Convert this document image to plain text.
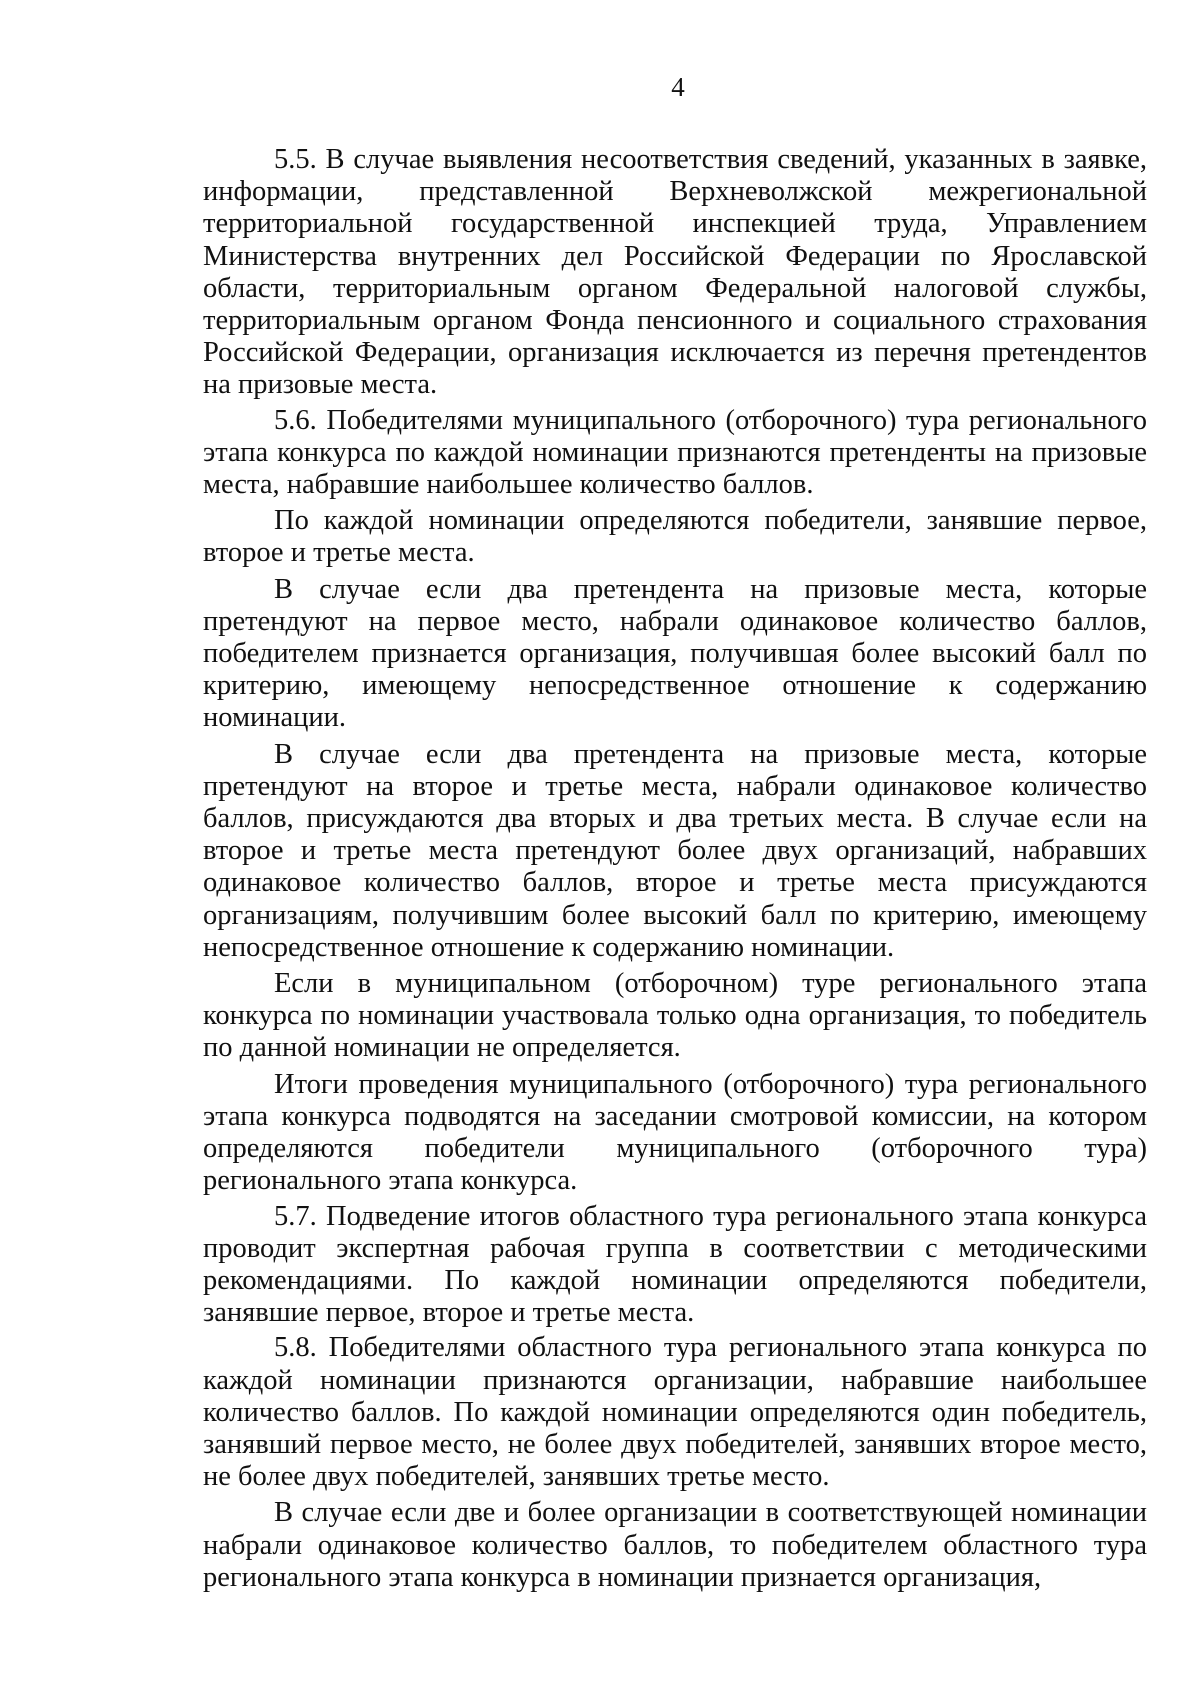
4

5.5. В случае выявления несоответствия сведений, указанных в заявке, информации, представленной Верхневолжской межрегиональной территориальной государственной инспекцией труда, Управлением Министерства внутренних дел Российской Федерации по Ярославской области, территориальным органом Федеральной налоговой службы, территориальным органом Фонда пенсионного и социального страхования Российской Федерации, организация исключается из перечня претендентов на призовые места.

5.6. Победителями муниципального (отборочного) тура регионального этапа конкурса по каждой номинации признаются претенденты на призовые места, набравшие наибольшее количество баллов.

По каждой номинации определяются победители, занявшие первое, второе и третье места.

В случае если два претендента на призовые места, которые претендуют на первое место, набрали одинаковое количество баллов, победителем признается организация, получившая более высокий балл по критерию, имеющему непосредственное отношение к содержанию номинации.

В случае если два претендента на призовые места, которые претендуют на второе и третье места, набрали одинаковое количество баллов, присуждаются два вторых и два третьих места. В случае если на второе и третье места претендуют более двух организаций, набравших одинаковое количество баллов, второе и третье места присуждаются организациям, получившим более высокий балл по критерию, имеющему непосредственное отношение к содержанию номинации.

Если в муниципальном (отборочном) туре регионального этапа конкурса по номинации участвовала только одна организация, то победитель по данной номинации не определяется.

Итоги проведения муниципального (отборочного) тура регионального этапа конкурса подводятся на заседании смотровой комиссии, на котором определяются победители муниципального (отборочного тура) регионального этапа конкурса.

5.7. Подведение итогов областного тура регионального этапа конкурса проводит экспертная рабочая группа в соответствии с методическими рекомендациями. По каждой номинации определяются победители, занявшие первое, второе и третье места.

5.8. Победителями областного тура регионального этапа конкурса по каждой номинации признаются организации, набравшие наибольшее количество баллов. По каждой номинации определяются один победитель, занявший первое место, не более двух победителей, занявших второе место, не более двух победителей, занявших третье место.

В случае если две и более организации в соответствующей номинации набрали одинаковое количество баллов, то победителем областного тура регионального этапа конкурса в номинации признается организация,
